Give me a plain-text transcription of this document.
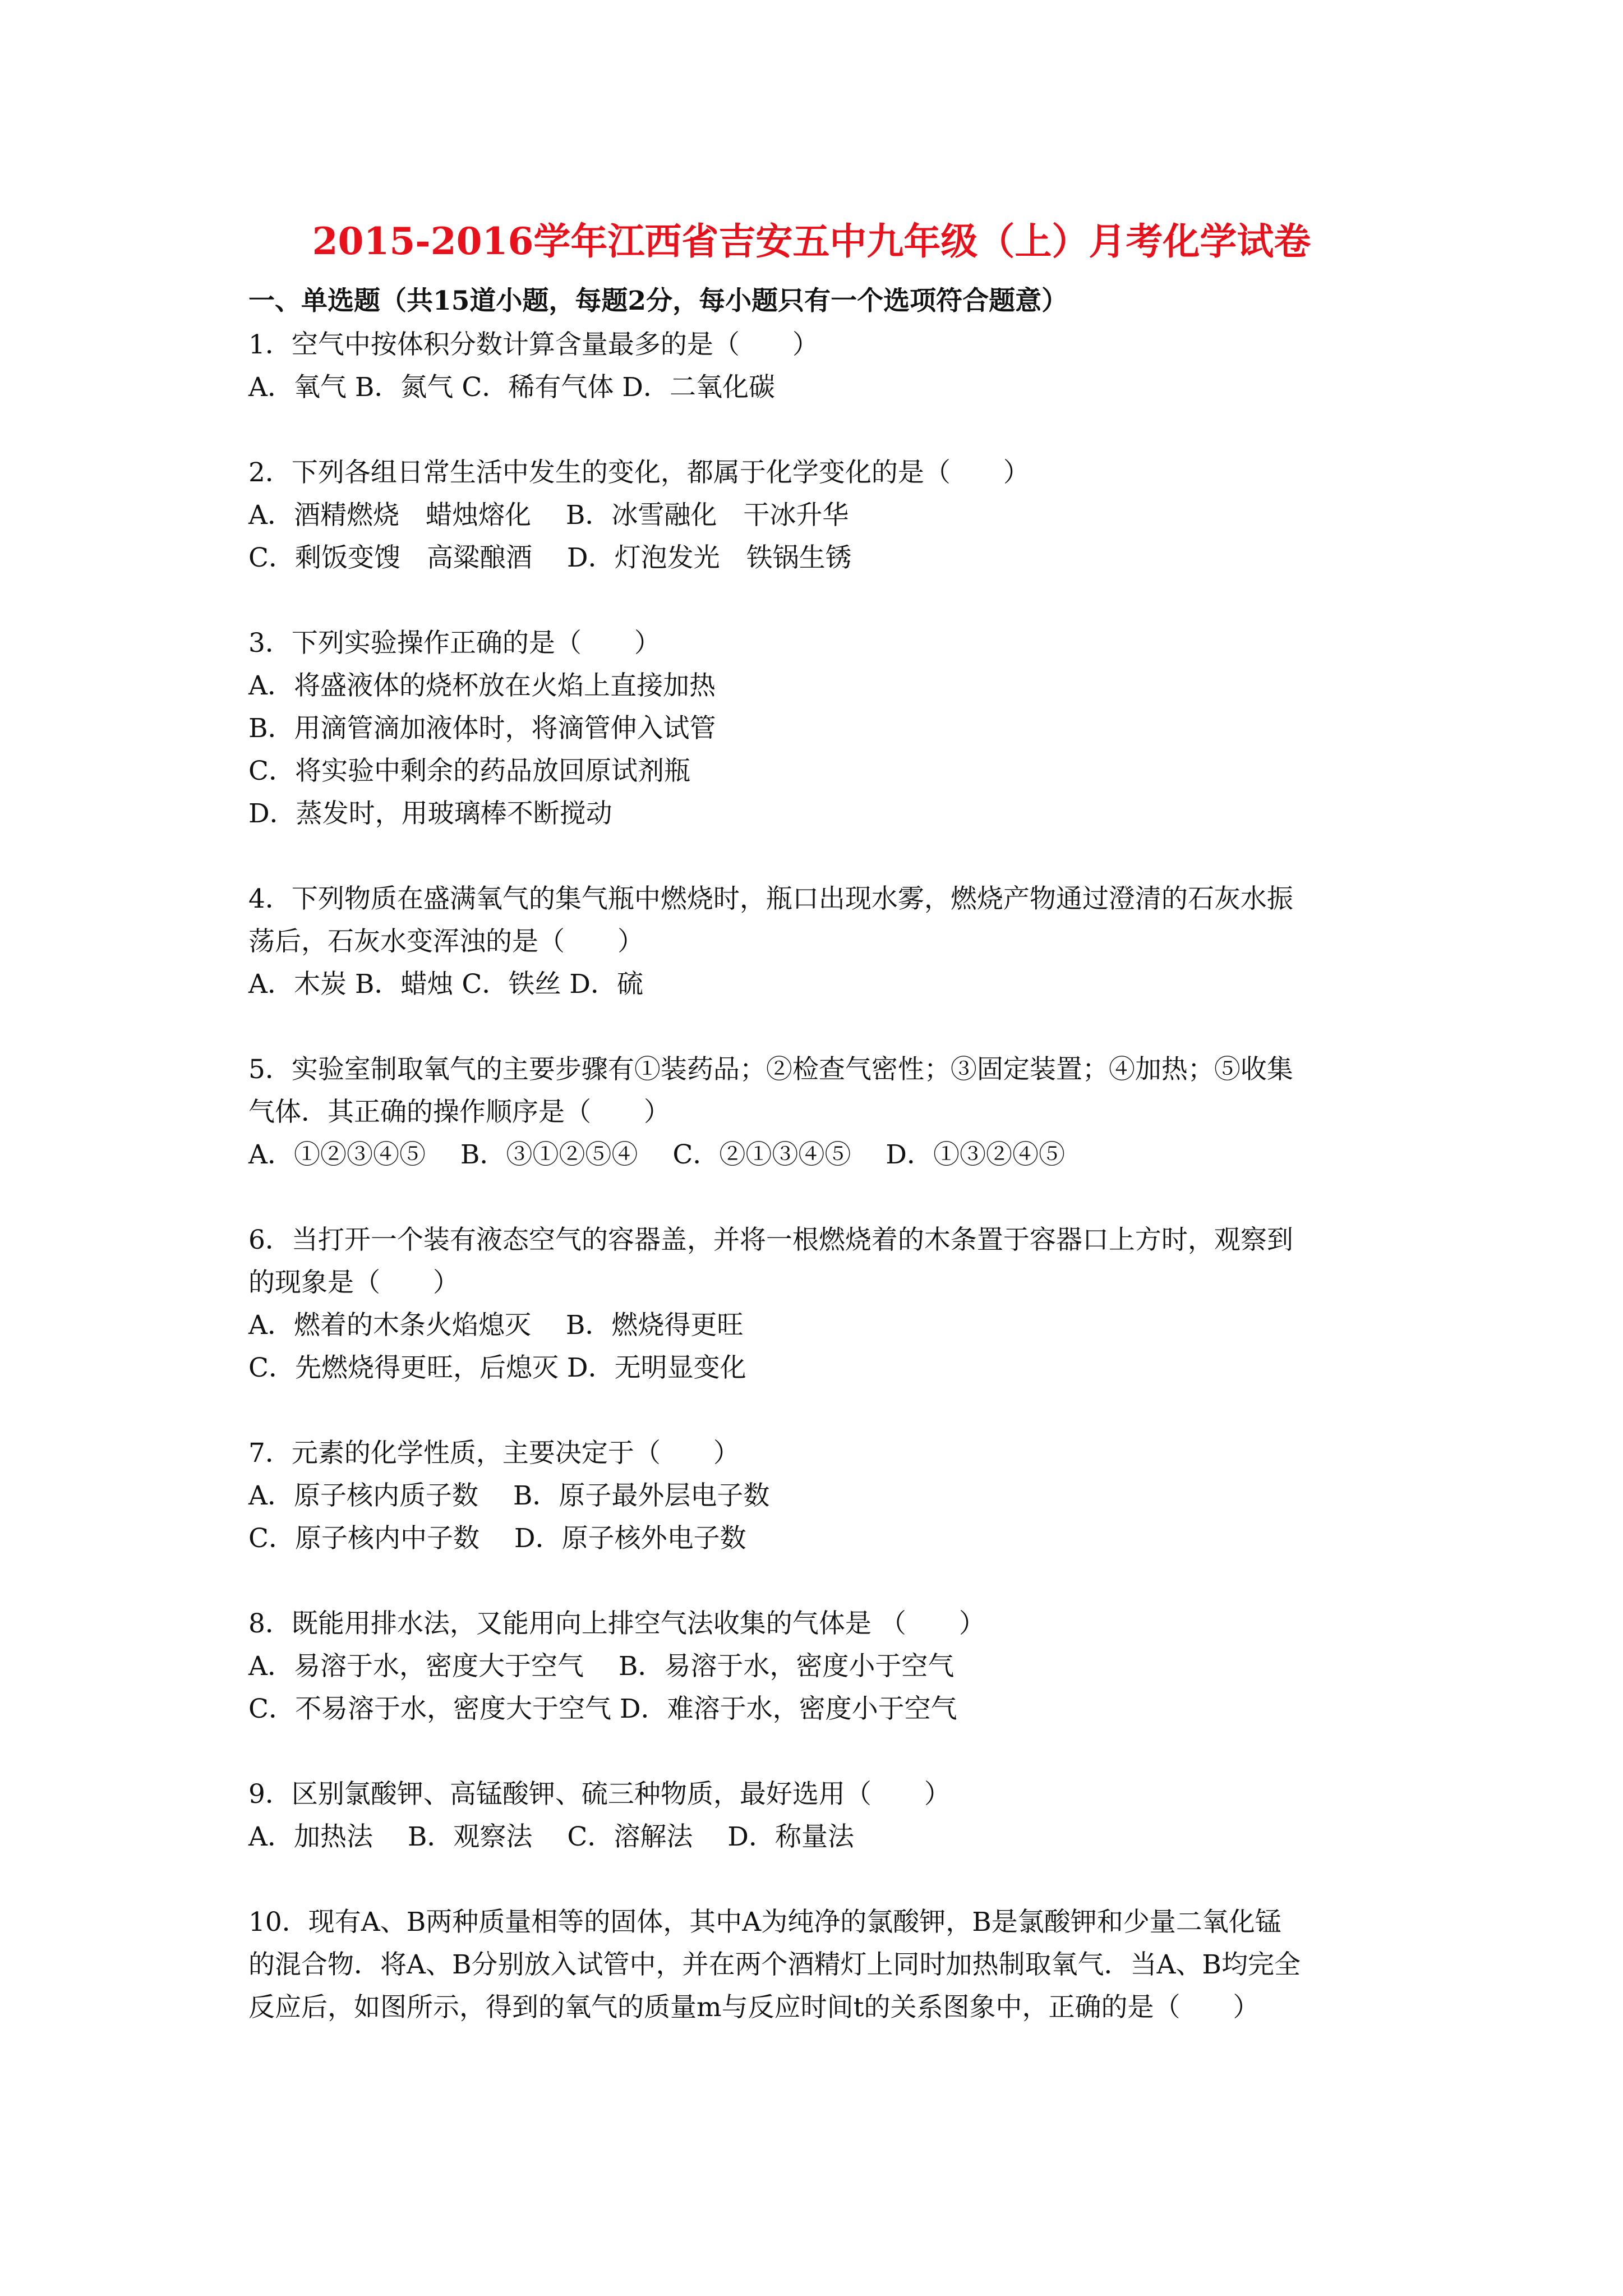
2015-2016学年江西省吉安五中九年级（上）月考化学试卷
一、单选题（共15道小题，每题2分，每小题只有一个选项符合题意）
1．空气中按体积分数计算含量最多的是（　　）
A．氧气 B．氮气 C．稀有气体 D．二氧化碳
2．下列各组日常生活中发生的变化，都属于化学变化的是（　　）
A．酒精燃烧　蜡烛熔化　 B．冰雪融化　干冰升华
C．剩饭变馊　高粱酿酒　 D．灯泡发光　铁锅生锈
3．下列实验操作正确的是（　　）
A．将盛液体的烧杯放在火焰上直接加热
B．用滴管滴加液体时，将滴管伸入试管
C．将实验中剩余的药品放回原试剂瓶
D．蒸发时，用玻璃棒不断搅动
4．下列物质在盛满氧气的集气瓶中燃烧时，瓶口出现水雾，燃烧产物通过澄清的石灰水振
荡后，石灰水变浑浊的是（　　）
A．木炭 B．蜡烛 C．铁丝 D．硫
5．实验室制取氧气的主要步骤有①装药品；②检查气密性；③固定装置；④加热；⑤收集
气体．其正确的操作顺序是（　　）
A．①②③④⑤　 B．③①②⑤④　 C．②①③④⑤　 D．①③②④⑤
6．当打开一个装有液态空气的容器盖，并将一根燃烧着的木条置于容器口上方时，观察到
的现象是（　　）
A．燃着的木条火焰熄灭　 B．燃烧得更旺
C．先燃烧得更旺，后熄灭 D．无明显变化
7．元素的化学性质，主要决定于（　　）
A．原子核内质子数　 B．原子最外层电子数
C．原子核内中子数　 D．原子核外电子数
8．既能用排水法，又能用向上排空气法收集的气体是 （　　）
A．易溶于水，密度大于空气　 B．易溶于水，密度小于空气
C．不易溶于水，密度大于空气 D．难溶于水，密度小于空气
9．区别氯酸钾、高锰酸钾、硫三种物质，最好选用（　　）
A．加热法　 B．观察法　 C．溶解法　 D．称量法
10．现有A、B两种质量相等的固体，其中A为纯净的氯酸钾，B是氯酸钾和少量二氧化锰
的混合物．将A、B分别放入试管中，并在两个酒精灯上同时加热制取氧气．当A、B均完全
反应后，如图所示，得到的氧气的质量m与反应时间t的关系图象中，正确的是（　　）
